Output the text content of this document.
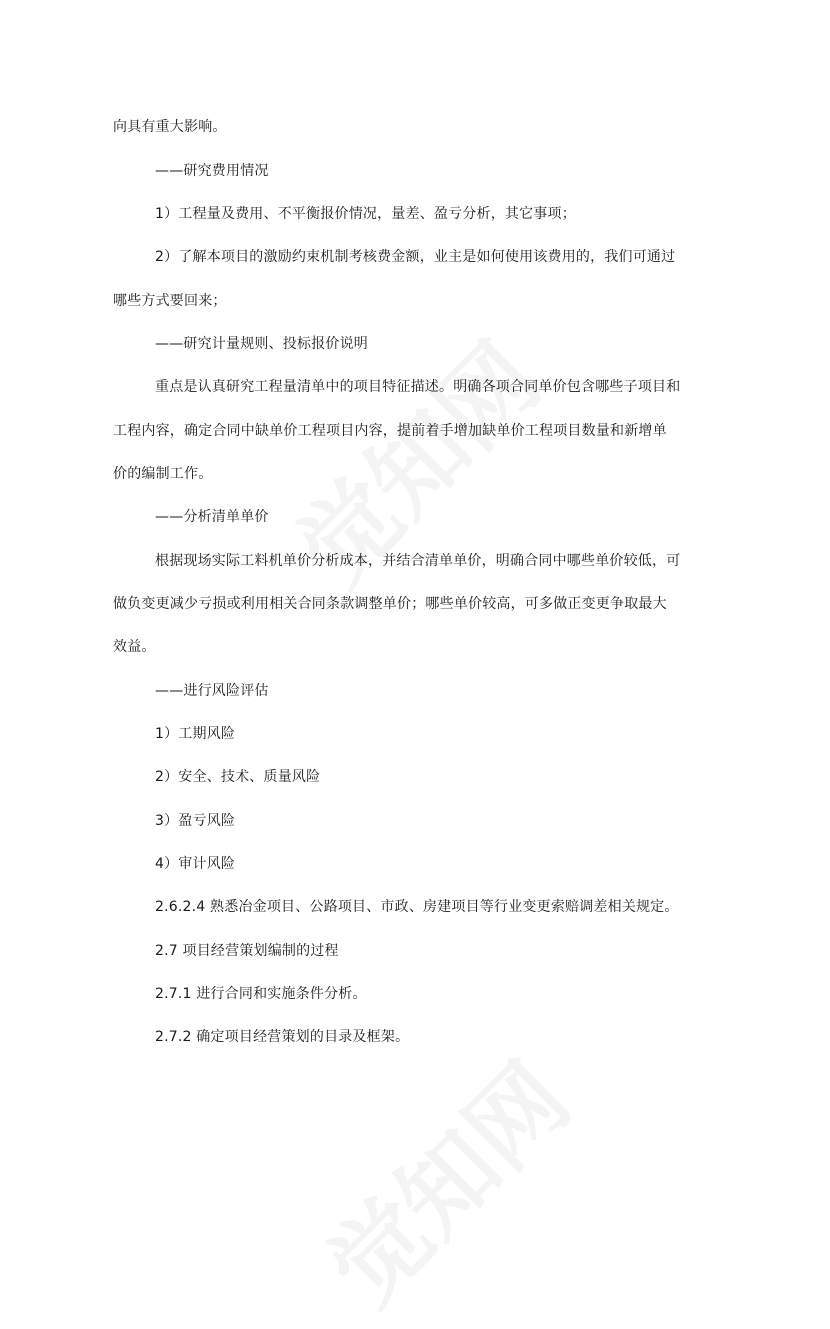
向具有重大影响。
——研究费用情况
1）工程量及费用、不平衡报价情况，量差、盈亏分析，其它事项；
2）了解本项目的激励约束机制考核费金额，业主是如何使用该费用的，我们可通过
哪些方式要回来；
——研究计量规则、投标报价说明
重点是认真研究工程量清单中的项目特征描述。明确各项合同单价包含哪些子项目和
工程内容，确定合同中缺单价工程项目内容，提前着手增加缺单价工程项目数量和新增单
价的编制工作。
——分析清单单价
根据现场实际工料机单价分析成本，并结合清单单价，明确合同中哪些单价较低，可
做负变更减少亏损或利用相关合同条款调整单价；哪些单价较高，可多做正变更争取最大
效益。
——进行风险评估
1）工期风险
2）安全、技术、质量风险
3）盈亏风险
4）审计风险
2.6.2.4 熟悉冶金项目、公路项目、市政、房建项目等行业变更索赔调差相关规定。
2.7 项目经营策划编制的过程
2.7.1 进行合同和实施条件分析。
2.7.2 确定项目经营策划的目录及框架。
